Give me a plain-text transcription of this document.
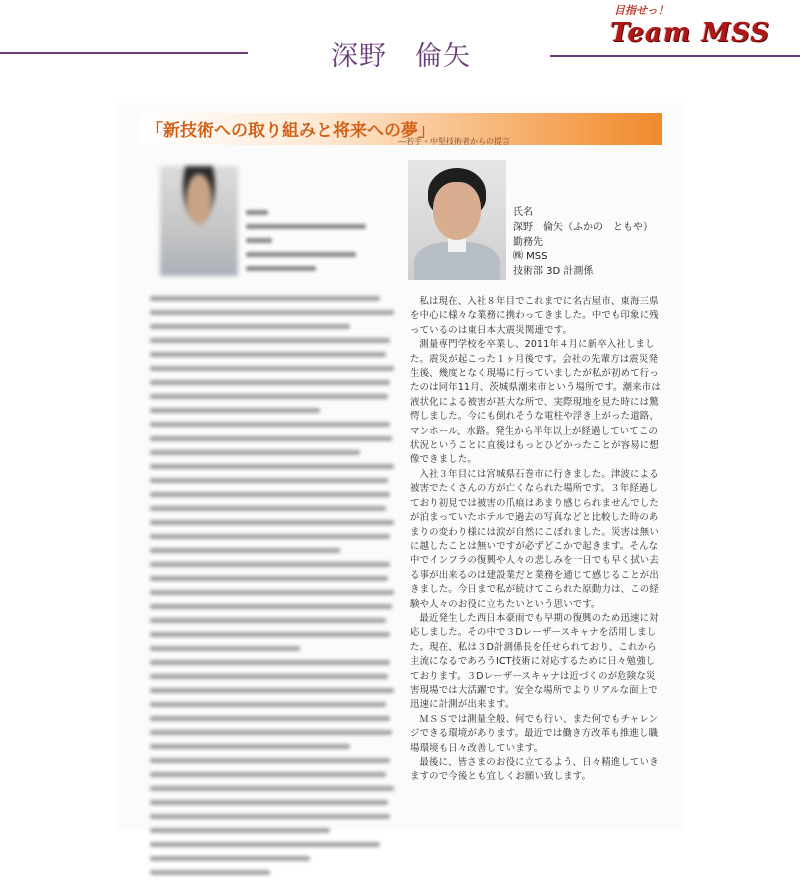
深野　倫矢
目指せっ！
Team MSS
「新技術への取り組みと将来への夢」
―若手・中堅技術者からの提言
氏名
深野　倫矢（ふかの　ともや）
勤務先
㈱ MSS
技術部 3D 計測係

私は現在、入社８年目でこれまでに名古屋市、東海三県を中心に様々な業務に携わってきました。中でも印象に残っているのは東日本大震災関連です。

測量専門学校を卒業し、2011年４月に新卒入社しました。震災が起こった１ヶ月後です。会社の先輩方は震災発生後、幾度となく現場に行っていましたが私が初めて行ったのは同年11月、茨城県潮来市という場所です。潮来市は液状化による被害が甚大な所で、実際現地を見た時には驚愕しました。今にも倒れそうな電柱や浮き上がった道路、マンホール、水路。発生から半年以上が経過していてこの状況ということに直後はもっとひどかったことが容易に想像できました。

入社３年目には宮城県石巻市に行きました。津波による被害でたくさんの方が亡くなられた場所です。３年経過しており初見では被害の爪痕はあまり感じられませんでしたが泊まっていたホテルで過去の写真などと比較した時のあまりの変わり様には涙が自然にこぼれました。災害は無いに越したことは無いですが必ずどこかで起きます。そんな中でインフラの復興や人々の悲しみを一日でも早く拭い去る事が出来るのは建設業だと業務を通じて感じることが出きました。今日まで私が続けてこられた原動力は、この経験や人々のお役に立ちたいという思いです。

最近発生した西日本豪雨でも早期の復興のため迅速に対応しました。その中で３Dレーザースキャナを活用しました。現在、私は３D計測係長を任せられており、これから主流になるであろうICT技術に対応するために日々勉強しております。３Dレーザースキャナは近づくのが危険な災害現場では大活躍です。安全な場所でよりリアルな面上で迅速に計測が出来ます。

ＭＳＳでは測量全般、何でも行い、また何でもチャレンジできる環境があります。最近では働き方改革も推進し職場環境も日々改善しています。

最後に、皆さまのお役に立てるよう、日々精進していきますので今後とも宜しくお願い致します。
